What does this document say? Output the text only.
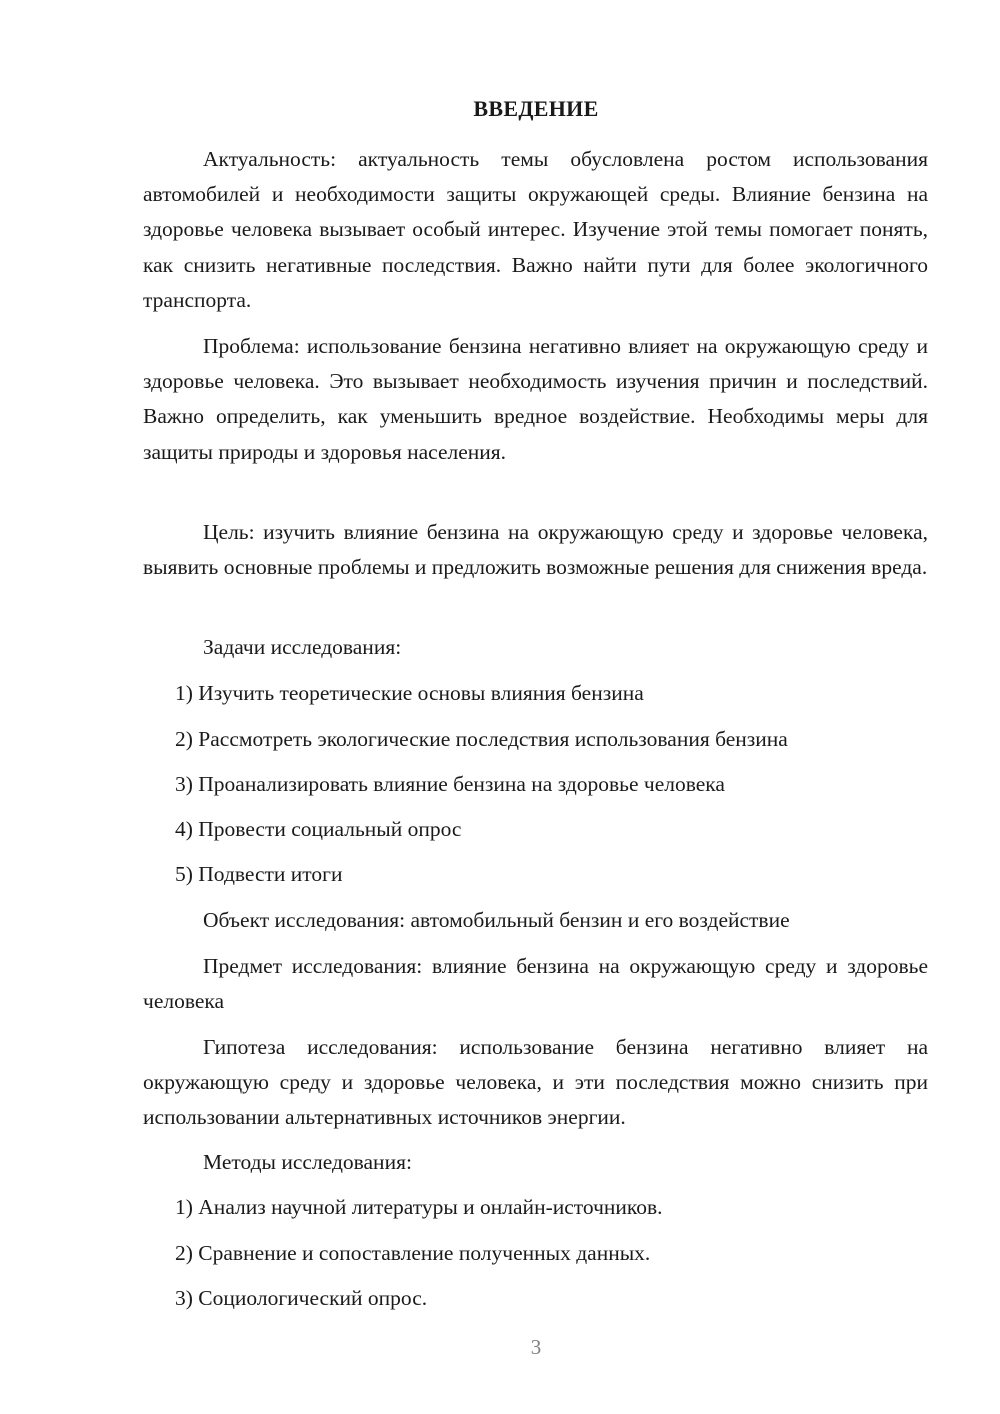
ВВЕДЕНИЕ
Актуальность: актуальность темы обусловлена ростом использования автомобилей и необходимости защиты окружающей среды. Влияние бензина на здоровье человека вызывает особый интерес. Изучение этой темы помогает понять, как снизить негативные последствия. Важно найти пути для более экологичного транспорта.
Проблема: использование бензина негативно влияет на окружающую среду и здоровье человека. Это вызывает необходимость изучения причин и последствий. Важно определить, как уменьшить вредное воздействие. Необходимы меры для защиты природы и здоровья населения.
Цель: изучить влияние бензина на окружающую среду и здоровье человека, выявить основные проблемы и предложить возможные решения для снижения вреда.
Задачи исследования:
1) Изучить теоретические основы влияния бензина
2) Рассмотреть экологические последствия использования бензина
3) Проанализировать влияние бензина на здоровье человека
4) Провести социальный опрос
5) Подвести итоги
Объект исследования: автомобильный бензин и его воздействие
Предмет исследования: влияние бензина на окружающую среду и здоровье человека
Гипотеза исследования: использование бензина негативно влияет на окружающую среду и здоровье человека, и эти последствия можно снизить при использовании альтернативных источников энергии.
Методы исследования:
1) Анализ научной литературы и онлайн-источников.
2) Сравнение и сопоставление полученных данных.
3) Социологический опрос.
3
